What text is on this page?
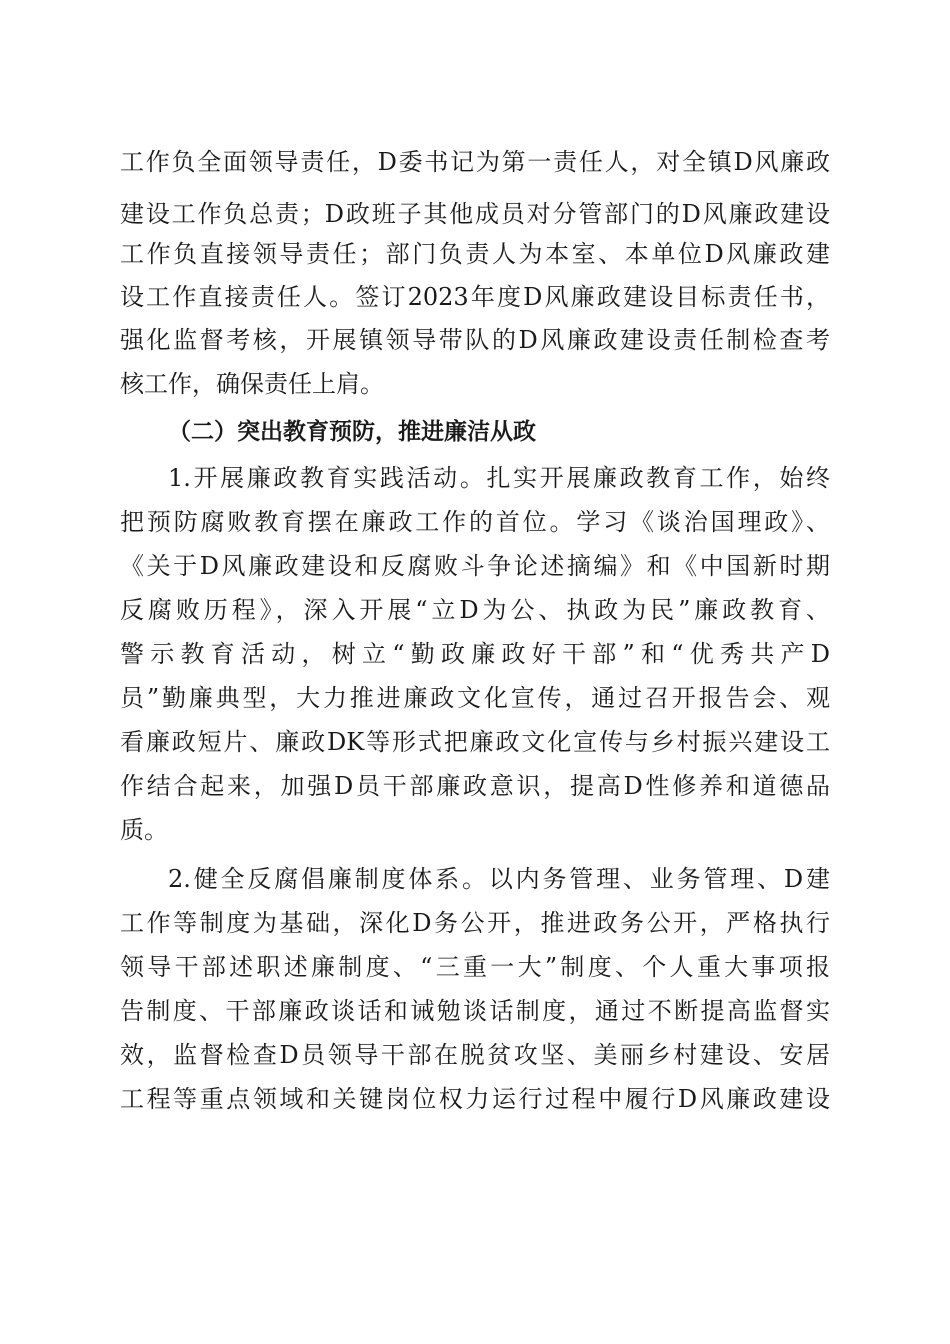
工作负全面领导责任，D委书记为第一责任人，对全镇D风廉政

建设工作负总责；D政班子其他成员对分管部门的D风廉政建设

工作负直接领导责任；部门负责人为本室、本单位D风廉政建

设工作直接责任人。签订2023年度D风廉政建设目标责任书，

强化监督考核，开展镇领导带队的D风廉政建设责任制检查考

核工作，确保责任上肩。

（二）突出教育预防，推进廉洁从政

1.开展廉政教育实践活动。扎实开展廉政教育工作，始终

把预防腐败教育摆在廉政工作的首位。学习《谈治国理政》、

《关于D风廉政建设和反腐败斗争论述摘编》和《中国新时期

反腐败历程》，深入开展“立D为公、执政为民”廉政教育、

警示教育活动，树立“勤政廉政好干部”和“优秀共产D

员”勤廉典型，大力推进廉政文化宣传，通过召开报告会、观

看廉政短片、廉政DK等形式把廉政文化宣传与乡村振兴建设工

作结合起来，加强D员干部廉政意识，提高D性修养和道德品

质。

2.健全反腐倡廉制度体系。以内务管理、业务管理、D建

工作等制度为基础，深化D务公开，推进政务公开，严格执行

领导干部述职述廉制度、“三重一大”制度、个人重大事项报

告制度、干部廉政谈话和诫勉谈话制度，通过不断提高监督实

效，监督检查D员领导干部在脱贫攻坚、美丽乡村建设、安居

工程等重点领域和关键岗位权力运行过程中履行D风廉政建设
